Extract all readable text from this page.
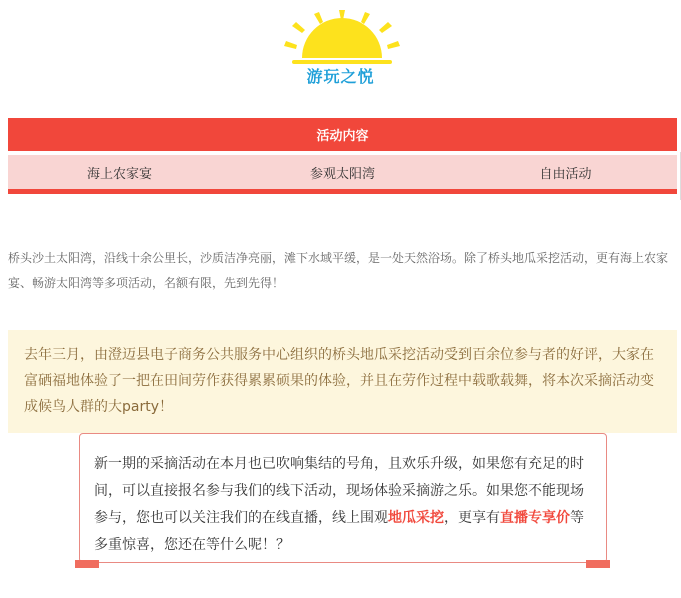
游玩之悦
活动内容
海上农家宴	参观太阳湾	自由活动
桥头沙土太阳湾，沿线十余公里长，沙质洁净亮丽，滩下水域平缓，是一处天然浴场。除了桥头地瓜采挖活动，更有海上农家宴、畅游太阳湾等多项活动，名额有限，先到先得！
去年三月，由澄迈县电子商务公共服务中心组织的桥头地瓜采挖活动受到百余位参与者的好评，大家在富硒福地体验了一把在田间劳作获得累累硕果的体验，并且在劳作过程中载歌载舞，将本次采摘活动变成候鸟人群的大party！
新一期的采摘活动在本月也已吹响集结的号角，且欢乐升级，如果您有充足的时间，可以直接报名参与我们的线下活动，现场体验采摘游之乐。如果您不能现场参与，您也可以关注我们的在线直播，线上围观地瓜采挖，更享有直播专享价等多重惊喜，您还在等什么呢！？
